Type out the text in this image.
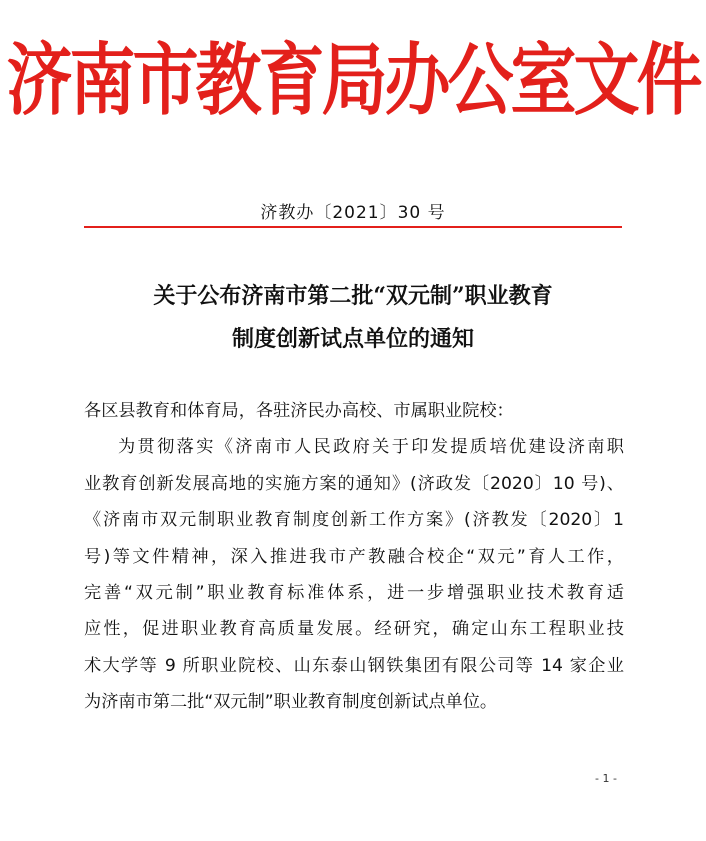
济南市教育局办公室文件
济教办〔2021〕30 号
关于公布济南市第二批“双元制”职业教育
制度创新试点单位的通知
各区县教育和体育局，各驻济民办高校、市属职业院校：
为贯彻落实《济南市人民政府关于印发提质培优建设济南职
业教育创新发展高地的实施方案的通知》(济政发〔2020〕10 号)、
《济南市双元制职业教育制度创新工作方案》(济教发〔2020〕1
号)等文件精神，深入推进我市产教融合校企“双元”育人工作，
完善“双元制”职业教育标准体系，进一步增强职业技术教育适
应性，促进职业教育高质量发展。经研究，确定山东工程职业技
术大学等 9 所职业院校、山东泰山钢铁集团有限公司等 14 家企业
为济南市第二批“双元制”职业教育制度创新试点单位。
- 1 -
